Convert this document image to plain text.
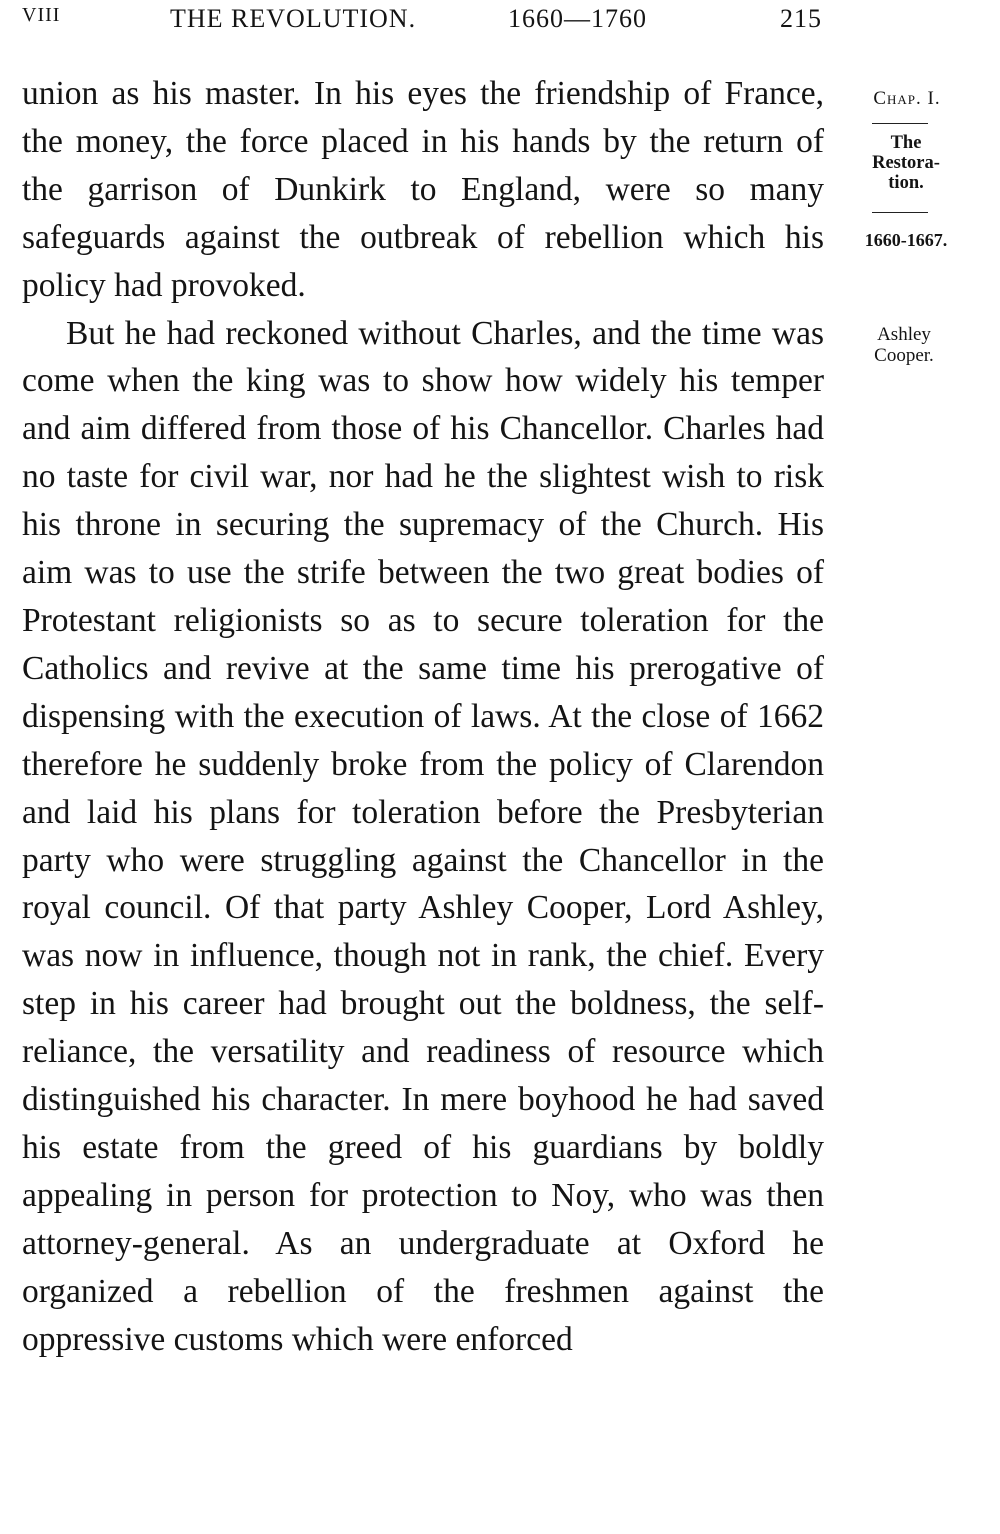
VIII	THE REVOLUTION.	1660—1760	215

union as his master. In his eyes the friendship of France, the money, the force placed in his hands by the return of the garrison of Dunkirk to England, were so many safeguards against the outbreak of rebellion which his policy had provoked.

But he had reckoned without Charles, and the time was come when the king was to show how widely his temper and aim differed from those of his Chancellor. Charles had no taste for civil war, nor had he the slightest wish to risk his throne in securing the supremacy of the Church. His aim was to use the strife between the two great bodies of Protestant religionists so as to secure toleration for the Catholics and revive at the same time his prerogative of dispensing with the execution of laws. At the close of 1662 therefore he suddenly broke from the policy of Clarendon and laid his plans for toleration before the Presbyterian party who were struggling against the Chancellor in the royal council. Of that party Ashley Cooper, Lord Ashley, was now in influence, though not in rank, the chief. Every step in his career had brought out the boldness, the self-reliance, the versatility and readiness of resource which distinguished his character. In mere boyhood he had saved his estate from the greed of his guardians by boldly appealing in person for protection to Noy, who was then attorney-general. As an undergraduate at Oxford he organized a rebellion of the freshmen against the oppressive customs which were enforced

Chap. I.
The
Restora-
tion.
1660-1667.
Ashley
Cooper.
